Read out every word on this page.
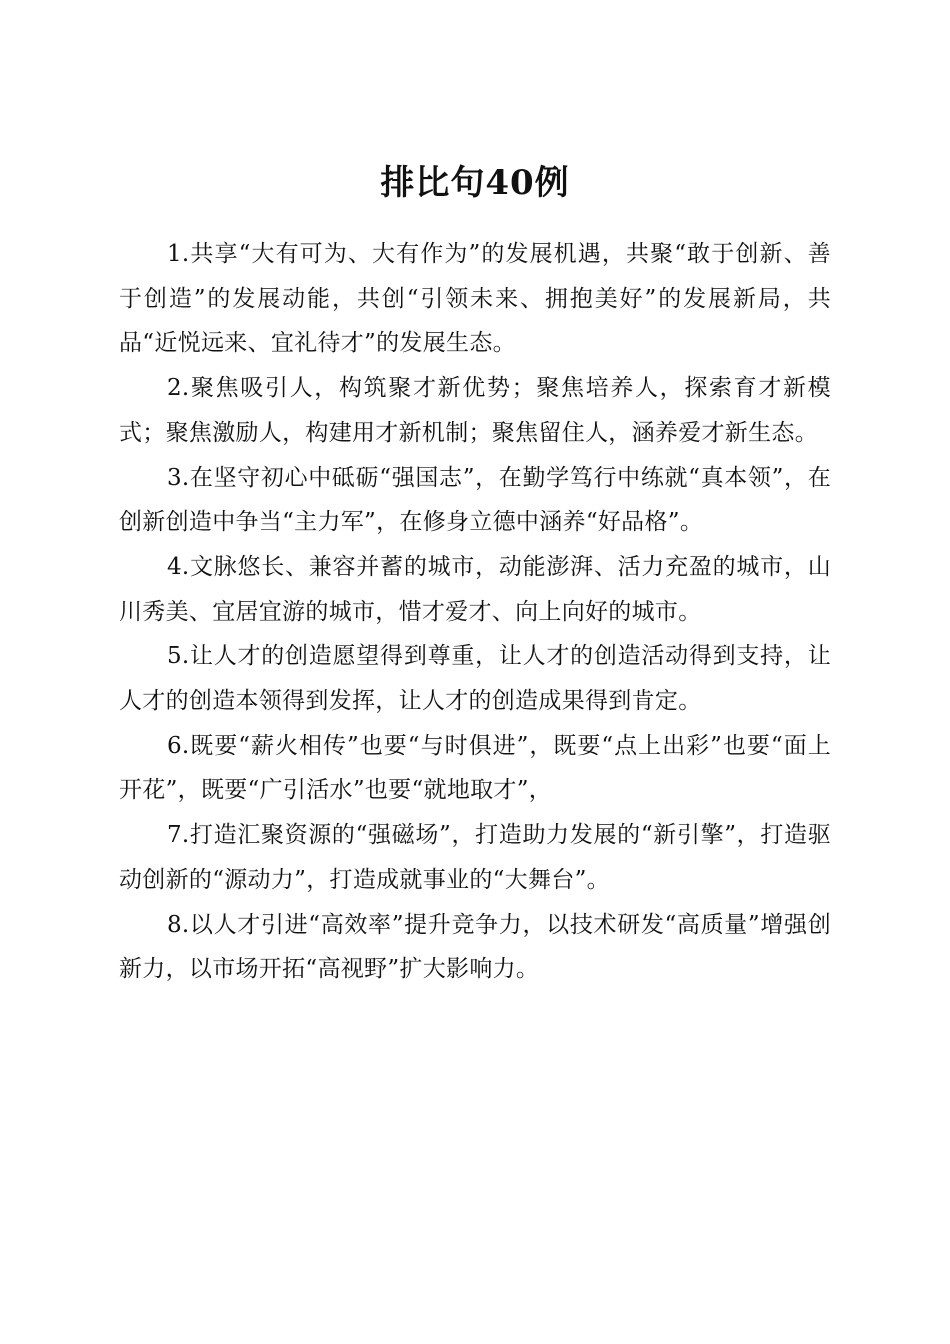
排比句40例

1.共享“大有可为、大有作为”的发展机遇，共聚“敢于创新、善于创造”的发展动能，共创“引领未来、拥抱美好”的发展新局，共品“近悦远来、宜礼待才”的发展生态。

2.聚焦吸引人，构筑聚才新优势；聚焦培养人，探索育才新模式；聚焦激励人，构建用才新机制；聚焦留住人，涵养爱才新生态。

3.在坚守初心中砥砺“强国志”，在勤学笃行中练就“真本领”，在创新创造中争当“主力军”，在修身立德中涵养“好品格”。

4.文脉悠长、兼容并蓄的城市，动能澎湃、活力充盈的城市，山川秀美、宜居宜游的城市，惜才爱才、向上向好的城市。

5.让人才的创造愿望得到尊重，让人才的创造活动得到支持，让人才的创造本领得到发挥，让人才的创造成果得到肯定。

6.既要“薪火相传”也要“与时俱进”，既要“点上出彩”也要“面上开花”，既要“广引活水”也要“就地取才”，

7.打造汇聚资源的“强磁场”，打造助力发展的“新引擎”，打造驱动创新的“源动力”，打造成就事业的“大舞台”。

8.以人才引进“高效率”提升竞争力，以技术研发“高质量”增强创新力，以市场开拓“高视野”扩大影响力。
